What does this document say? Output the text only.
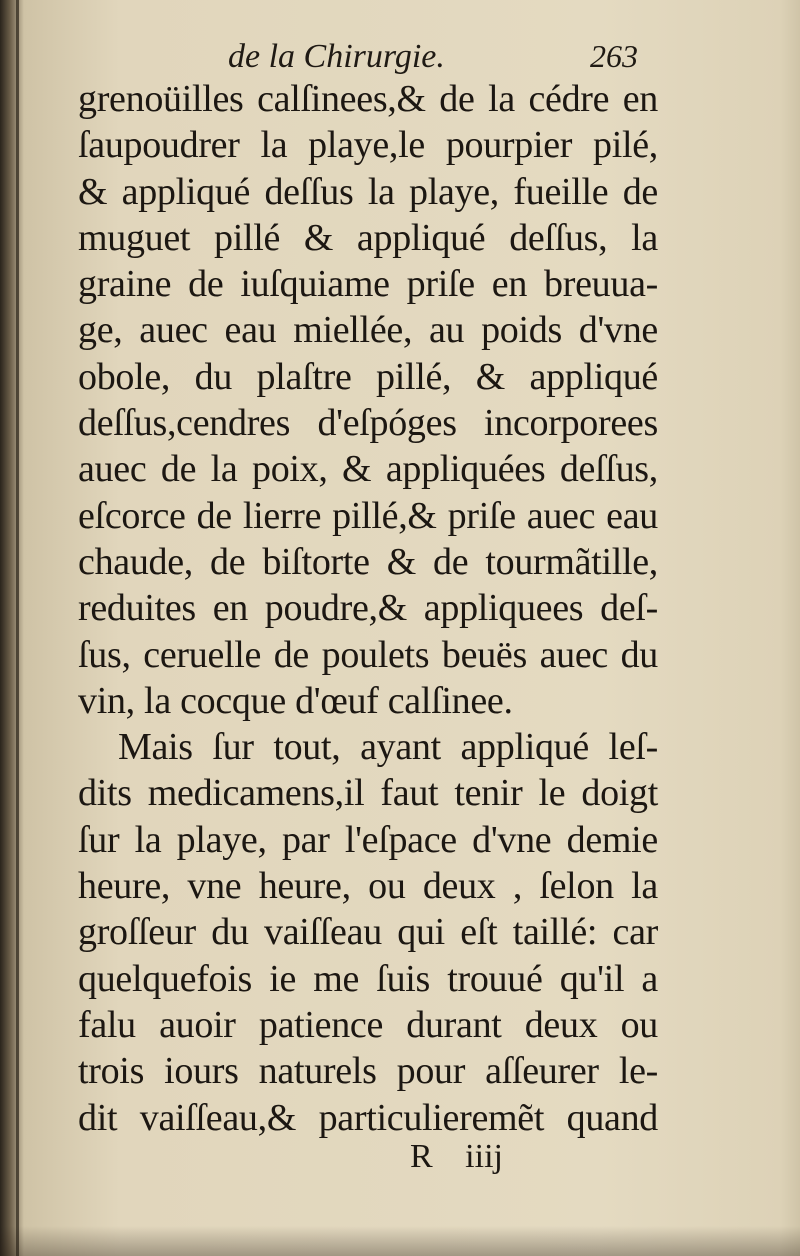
de la Chirurgie.	263
grenoüilles calſinees,& de la cédre en
ſaupoudrer la playe,le pourpier pilé,
& appliqué deſſus la playe, fueille de
muguet pillé & appliqué deſſus, la
graine de iuſquiame priſe en breuua-
ge, auec eau miellée, au poids d'vne
obole, du plaſtre pillé, & appliqué
deſſus,cendres d'eſpóges incorporees
auec de la poix, & appliquées deſſus,
eſcorce de lierre pillé,& priſe auec eau
chaude, de biſtorte & de tourmãtille,
reduites en poudre,& appliquees deſ-
ſus, ceruelle de poulets beuës auec du
vin, la cocque d'œuf calſinee.
Mais ſur tout, ayant appliqué leſ-
dits medicamens,il faut tenir le doigt
ſur la playe, par l'eſpace d'vne demie
heure, vne heure, ou deux , ſelon la
groſſeur du vaiſſeau qui eſt taillé: car
quelquefois ie me ſuis trouué qu'il a
falu auoir patience durant deux ou
trois iours naturels pour aſſeurer le-
dit vaiſſeau,& particulieremẽt quand
R iiij
